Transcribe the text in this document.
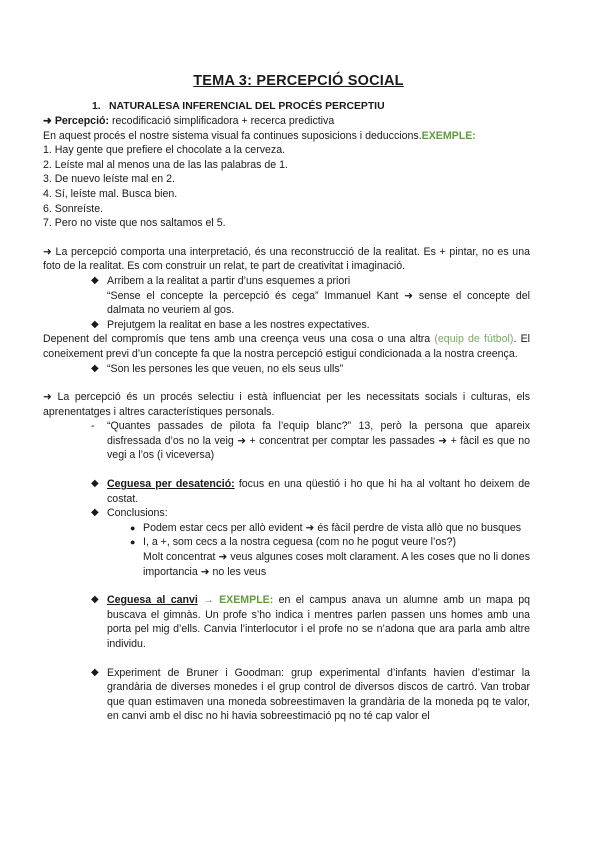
TEMA 3: PERCEPCIÓ SOCIAL
1. NATURALESA INFERENCIAL DEL PROCÉS PERCEPTIU
➜ Percepció: recodificació simplificadora + recerca predictiva
En aquest procés el nostre sistema visual fa continues suposicions i deduccions.EXEMPLE:
1. Hay gente que prefiere el chocolate a la cerveza.
2. Leíste mal al menos una de las las palabras de 1.
3. De nuevo leíste mal en 2.
4. Sí, leíste mal. Busca bien.
6. Sonreíste.
7. Pero no viste que nos saltamos el 5.
➜ La percepció comporta una interpretació, és una reconstrucció de la realitat. Es + pintar, no es una foto de la realitat. Es com construir un relat, te part de creativitat i imaginació.
◆ Arribem a la realitat a partir d’uns esquemes a priori
“Sense el concepte la percepció és cega” Immanuel Kant ➜ sense el concepte del dalmata no veuriem al gos.
◆ Prejutgem la realitat en base a les nostres expectatives.
Depenent del compromís que tens amb una creença veus una cosa o una altra (equip de fútbol). El coneixement previ d’un concepte fa que la nostra percepció estigui condicionada a la nostra creença.
◆ “Son les persones les que veuen, no els seus ulls”
➜ La percepció és un procés selectiu i està influenciat per les necessitats socials i culturas, els aprenentatges i altres característiques personals.
- “Quantes passades de pilota fa l’equip blanc?” 13, però la persona que apareix disfressada d’os no la veig ➜ + concentrat per comptar les passades ➜ + fàcil es que no vegi a l’os (i viceversa)
◆ Ceguesa per desatenció: focus en una qüestió i ho que hi ha al voltant ho deixem de costat.
◆ Conclusions:
● Podem estar cecs per allò evident ➜ és fàcil perdre de vista allò que no busques
● I, a +, som cecs a la nostra ceguesa (com no he pogut veure l’os?)
Molt concentrat ➜ veus algunes coses molt clarament. A les coses que no li dones importancia ➜ no les veus
◆ Ceguesa al canvi → EXEMPLE: en el campus anava un alumne amb un mapa pq buscava el gimnàs. Un profe s’ho indica i mentres parlen passen uns homes amb una porta pel mig d’ells. Canvia l’interlocutor i el profe no se n’adona que ara parla amb altre individu.
◆ Experiment de Bruner i Goodman: grup experimental d’infants havien d’estimar la grandària de diverses monedes i el grup control de diversos discos de cartró. Van trobar que quan estimaven una moneda sobreestimaven la grandària de la moneda pq te valor, en canvi amb el disc no hi havia sobreestimació pq no té cap valor el
